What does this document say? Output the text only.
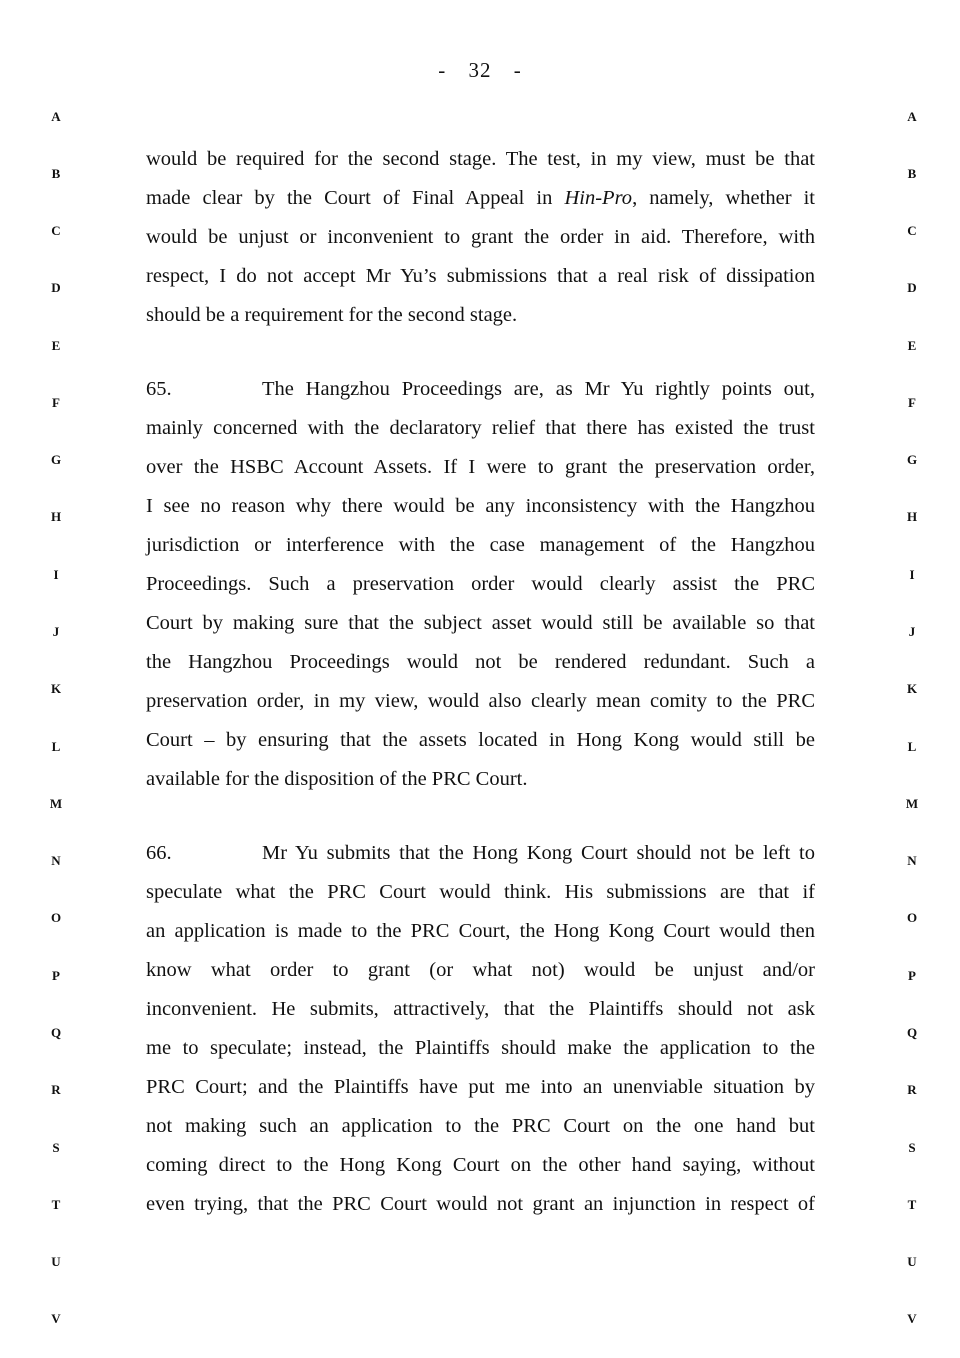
- 32 -
A
B
C
D
E
F
G
H
I
J
K
L
M
N
O
P
Q
R
S
T
U
V
A
B
C
D
E
F
G
H
I
J
K
L
M
N
O
P
Q
R
S
T
U
V
would be required for the second stage. The test, in my view, must be that
made clear by the Court of Final Appeal in Hin-Pro, namely, whether it
would be unjust or inconvenient to grant the order in aid. Therefore, with
respect, I do not accept Mr Yu’s submissions that a real risk of dissipation
should be a requirement for the second stage.
65.	The Hangzhou Proceedings are, as Mr Yu rightly points out,
mainly concerned with the declaratory relief that there has existed the trust
over the HSBC Account Assets. If I were to grant the preservation order,
I see no reason why there would be any inconsistency with the Hangzhou
jurisdiction or interference with the case management of the Hangzhou
Proceedings. Such a preservation order would clearly assist the PRC
Court by making sure that the subject asset would still be available so that
the Hangzhou Proceedings would not be rendered redundant. Such a
preservation order, in my view, would also clearly mean comity to the PRC
Court – by ensuring that the assets located in Hong Kong would still be
available for the disposition of the PRC Court.
66.	Mr Yu submits that the Hong Kong Court should not be left to
speculate what the PRC Court would think. His submissions are that if
an application is made to the PRC Court, the Hong Kong Court would then
know what order to grant (or what not) would be unjust and/or
inconvenient. He submits, attractively, that the Plaintiffs should not ask
me to speculate; instead, the Plaintiffs should make the application to the
PRC Court; and the Plaintiffs have put me into an unenviable situation by
not making such an application to the PRC Court on the one hand but
coming direct to the Hong Kong Court on the other hand saying, without
even trying, that the PRC Court would not grant an injunction in respect of
